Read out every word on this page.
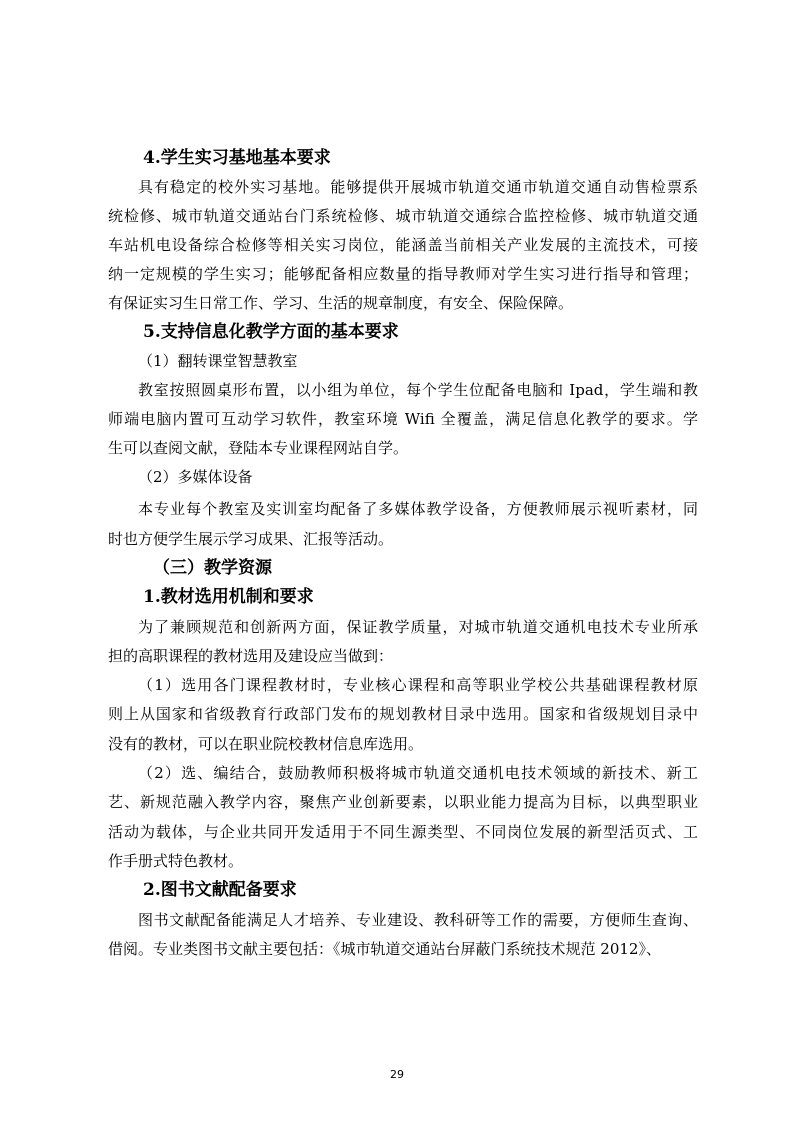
4.学生实习基地基本要求
具有稳定的校外实习基地。能够提供开展城市轨道交通市轨道交通自动售检票系
统检修、城市轨道交通站台门系统检修、城市轨道交通综合监控检修、城市轨道交通
车站机电设备综合检修等相关实习岗位，能涵盖当前相关产业发展的主流技术，可接
纳一定规模的学生实习；能够配备相应数量的指导教师对学生实习进行指导和管理；
有保证实习生日常工作、学习、生活的规章制度，有安全、保险保障。
5.支持信息化教学方面的基本要求
（1）翻转课堂智慧教室
教室按照圆桌形布置，以小组为单位，每个学生位配备电脑和 Ipad，学生端和教
师端电脑内置可互动学习软件，教室环境 Wifi 全覆盖，满足信息化教学的要求。学
生可以查阅文献，登陆本专业课程网站自学。
（2）多媒体设备
本专业每个教室及实训室均配备了多媒体教学设备，方便教师展示视听素材，同
时也方便学生展示学习成果、汇报等活动。
（三）教学资源
1.教材选用机制和要求
为了兼顾规范和创新两方面，保证教学质量，对城市轨道交通机电技术专业所承
担的高职课程的教材选用及建设应当做到：
（1）选用各门课程教材时，专业核心课程和高等职业学校公共基础课程教材原
则上从国家和省级教育行政部门发布的规划教材目录中选用。国家和省级规划目录中
没有的教材，可以在职业院校教材信息库选用。
（2）选、编结合，鼓励教师积极将城市轨道交通机电技术领域的新技术、新工
艺、新规范融入教学内容，聚焦产业创新要素，以职业能力提高为目标，以典型职业
活动为载体，与企业共同开发适用于不同生源类型、不同岗位发展的新型活页式、工
作手册式特色教材。
2.图书文献配备要求
图书文献配备能满足人才培养、专业建设、教科研等工作的需要，方便师生查询、
借阅。专业类图书文献主要包括：《城市轨道交通站台屏蔽门系统技术规范 2012》、
29
